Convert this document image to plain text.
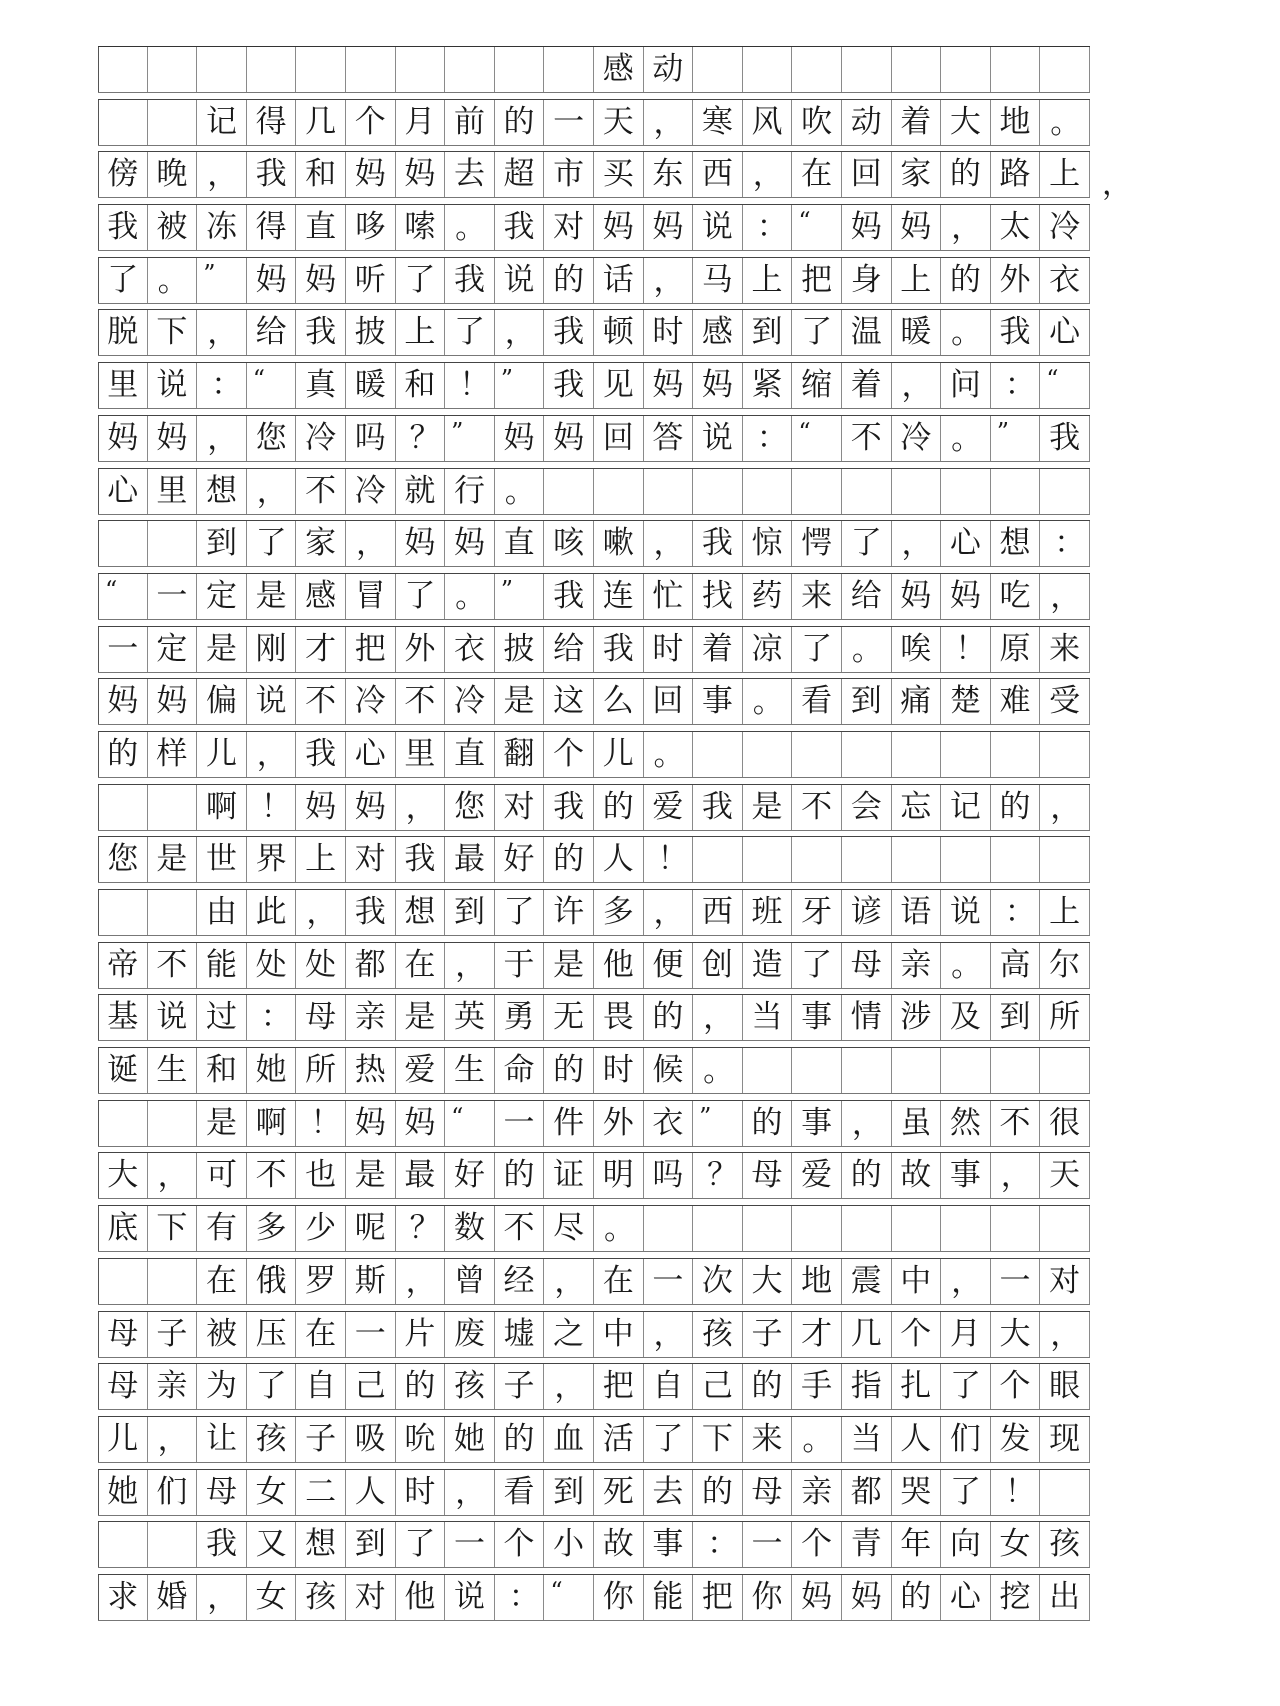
感 动
记 得 几 个 月 前 的 一 天 ， 寒 风 吹 动 着 大 地 。
傍 晚 ， 我 和 妈 妈 去 超 市 买 东 西 ， 在 回 家 的 路 上
我 被 冻 得 直 哆 嗦 。 我 对 妈 妈 说 ： “	妈 妈 ， 太 冷
了 。 ”	妈 妈 听 了 我 说 的 话 ， 马 上 把 身 上 的 外 衣
脱 下 ， 给 我 披 上 了 ， 我 顿 时 感 到 了 温 暖 。 我 心
里 说 ： “	真 暖 和 ！ ”	我 见 妈 妈 紧 缩 着 ， 问 ： “
妈 妈 ， 您 冷 吗 ？ ”	妈 妈 回 答 说 ： “	不 冷 。 ”	我
心 里 想 ， 不 冷 就 行 。
到 了 家 ， 妈 妈 直 咳 嗽 ， 我 惊 愕 了 ， 心 想 ：
“	一 定 是 感 冒 了 。 ”	我 连 忙 找 药 来 给 妈 妈 吃 ，
一 定 是 刚 才 把 外 衣 披 给 我 时 着 凉 了 。 唉 ！ 原 来
妈 妈 偏 说 不 冷 不 冷 是 这 么 回 事 。 看 到 痛 楚 难 受
的 样 儿 ， 我 心 里 直 翻 个 儿 。
啊 ！ 妈 妈 ， 您 对 我 的 爱 我 是 不 会 忘 记 的 ，
您 是 世 界 上 对 我 最 好 的 人 ！
由 此 ， 我 想 到 了 许 多 ， 西 班 牙 谚 语 说 ： 上
帝 不 能 处 处 都 在 ， 于 是 他 便 创 造 了 母 亲 。 高 尔
基 说 过 ： 母 亲 是 英 勇 无 畏 的 ， 当 事 情 涉 及 到 所
诞 生 和 她 所 热 爱 生 命 的 时 候 。
是 啊 ！ 妈 妈 “	一 件 外 衣 ”	的 事 ， 虽 然 不 很
大 ， 可 不 也 是 最 好 的 证 明 吗 ？ 母 爱 的 故 事 ， 天
底 下 有 多 少 呢 ？ 数 不 尽 。
在 俄 罗 斯 ， 曾 经 ， 在 一 次 大 地 震 中 ， 一 对
母 子 被 压 在 一 片 废 墟 之 中 ， 孩 子 才 几 个 月 大 ，
母 亲 为 了 自 己 的 孩 子 ， 把 自 己 的 手 指 扎 了 个 眼
儿 ， 让 孩 子 吸 吮 她 的 血 活 了 下 来 。 当 人 们 发 现
她 们 母 女 二 人 时 ， 看 到 死 去 的 母 亲 都 哭 了 ！
我 又 想 到 了 一 个 小 故 事 ： 一 个 青 年 向 女 孩
求 婚 ， 女 孩 对 他 说 ： “	你 能 把 你 妈 妈 的 心 挖 出
，
